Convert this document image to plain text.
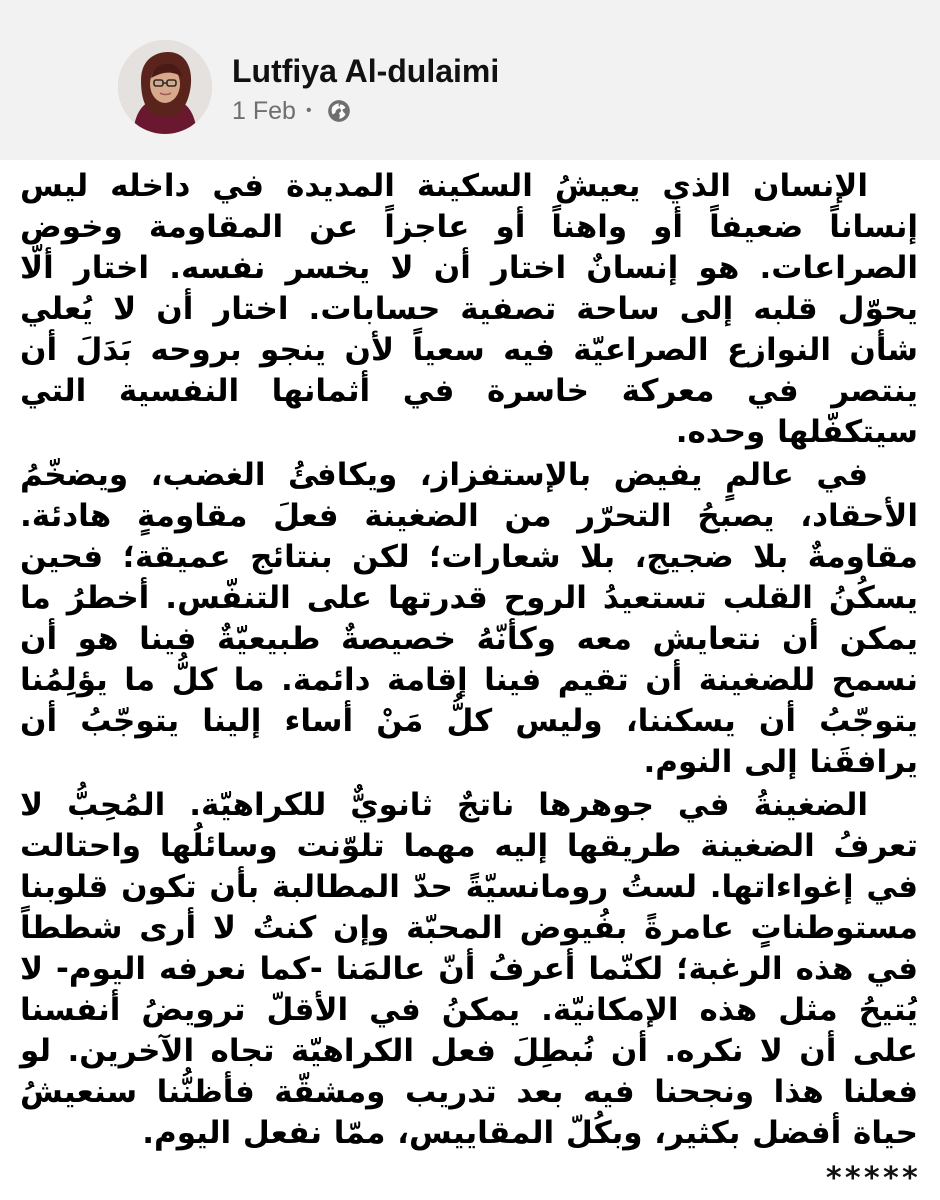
Lutfiya Al-dulaimi
1 Feb •

الإنسان الذي يعيشُ السكينة المديدة في داخله ليس إنساناً ضعيفاً أو واهناً أو عاجزاً عن المقاومة وخوض الصراعات. هو إنسانٌ اختار أن لا يخسر نفسه. اختار ألّا يحوّل قلبه إلى ساحة تصفية حسابات. اختار أن لا يُعلي شأن النوازع الصراعيّة فيه سعياً لأن ينجو بروحه بَدَلَ أن ينتصر في معركة خاسرة في أثمانها النفسية التي سيتكفّلها وحده.

في عالمٍ يفيض بالإستفزاز، ويكافئُ الغضب، ويضخّمُ الأحقاد، يصبحُ التحرّر من الضغينة فعلَ مقاومةٍ هادئة. مقاومةٌ بلا ضجيج، بلا شعارات؛ لكن بنتائج عميقة؛ فحين يسكُنُ القلب تستعيدُ الروح قدرتها على التنفّس. أخطرُ ما يمكن أن نتعايش معه وكأنّهُ خصيصةٌ طبيعيّةٌ فينا هو أن نسمح للضغينة أن تقيم فينا إقامة دائمة. ما كلُّ ما يؤلِمُنا يتوجّبُ أن يسكننا، وليس كلُّ مَنْ أساء إلينا يتوجّبُ أن يرافقَنا إلى النوم.

الضغينةُ في جوهرها ناتجٌ ثانويٌّ للكراهيّة. المُحِبُّ لا تعرفُ الضغينة طريقها إليه مهما تلوّنت وسائلُها واحتالت في إغواءاتها. لستُ رومانسيّةً حدّ المطالبة بأن تكون قلوبنا مستوطناتٍ عامرةً بفُيوض المحبّة وإن كنتُ لا أرى شططاً في هذه الرغبة؛ لكنّما أعرفُ أنّ عالمَنا -كما نعرفه اليوم- لا يُتيحُ مثل هذه الإمكانيّة. يمكنُ في الأقلّ ترويضُ أنفسنا على أن لا نكره. أن نُبطِلَ فعل الكراهيّة تجاه الآخرين. لو فعلنا هذا ونجحنا فيه بعد تدريب ومشقّة فأظنُّنا سنعيشُ حياة أفضل بكثير، وبكُلّ المقاييس، ممّا نفعل اليوم.

*****
